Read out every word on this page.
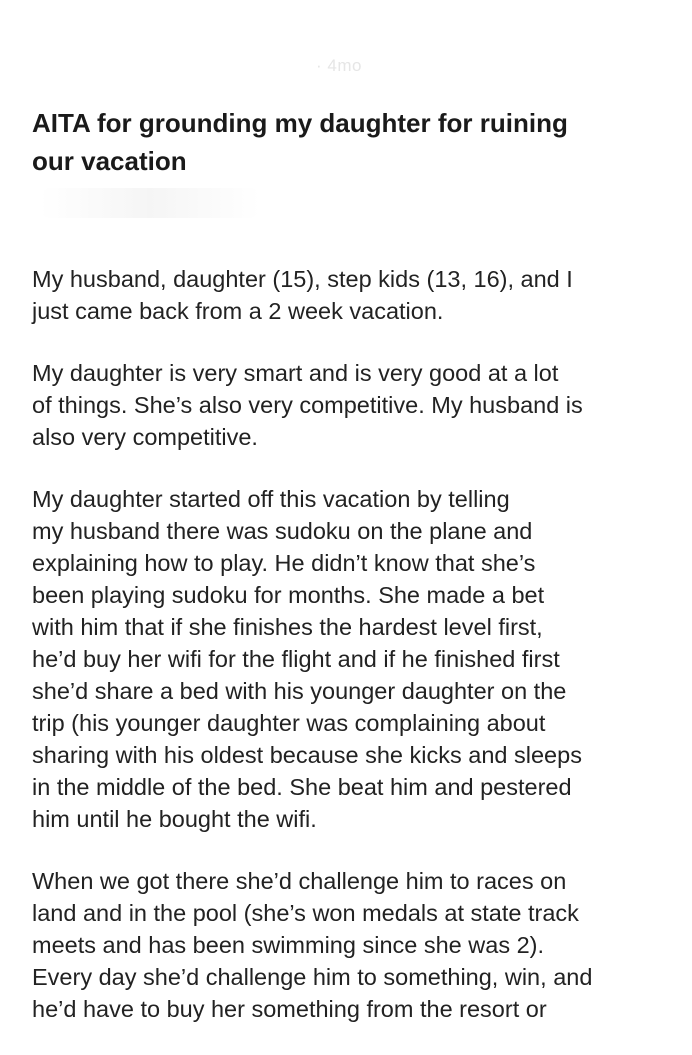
· 4mo
AITA for grounding my daughter for ruining
our vacation

My husband, daughter (15), step kids (13, 16), and I
just came back from a 2 week vacation.

My daughter is very smart and is very good at a lot
of things. She’s also very competitive. My husband is
also very competitive.

My daughter started off this vacation by telling
my husband there was sudoku on the plane and
explaining how to play. He didn’t know that she’s
been playing sudoku for months. She made a bet
with him that if she finishes the hardest level first,
he’d buy her wifi for the flight and if he finished first
she’d share a bed with his younger daughter on the
trip (his younger daughter was complaining about
sharing with his oldest because she kicks and sleeps
in the middle of the bed. She beat him and pestered
him until he bought the wifi.

When we got there she’d challenge him to races on
land and in the pool (she’s won medals at state track
meets and has been swimming since she was 2).
Every day she’d challenge him to something, win, and
he’d have to buy her something from the resort or
